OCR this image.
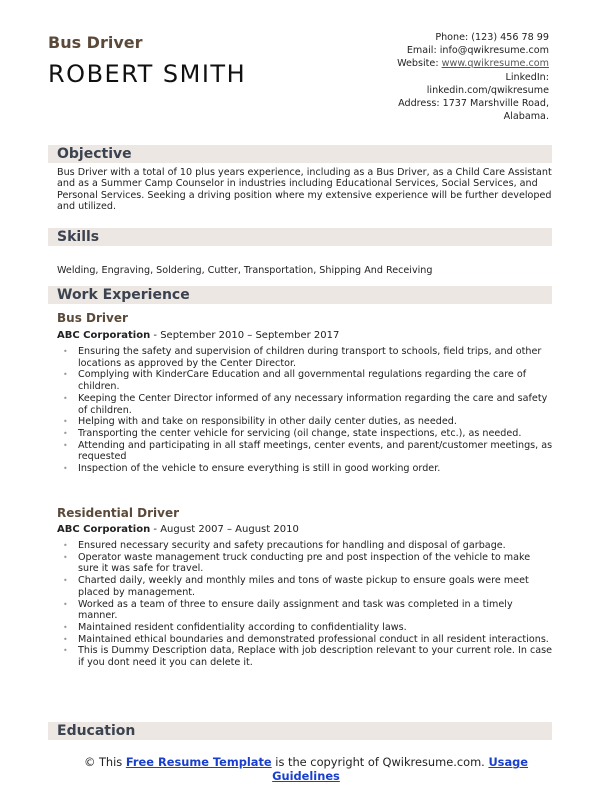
Bus Driver
ROBERT SMITH
Phone: (123) 456 78 99
Email: info@qwikresume.com
Website: www.qwikresume.com
LinkedIn:
linkedin.com/qwikresume
Address: 1737 Marshville Road,
Alabama.
Objective
Bus Driver with a total of 10 plus years experience, including as a Bus Driver, as a Child Care Assistant and as a Summer Camp Counselor in industries including Educational Services, Social Services, and Personal Services. Seeking a driving position where my extensive experience will be further developed and utilized.
Skills
Welding, Engraving, Soldering, Cutter, Transportation, Shipping And Receiving
Work Experience
Bus Driver
ABC Corporation - September 2010 – September 2017
• Ensuring the safety and supervision of children during transport to schools, field trips, and other locations as approved by the Center Director.
• Complying with KinderCare Education and all governmental regulations regarding the care of children.
• Keeping the Center Director informed of any necessary information regarding the care and safety of children.
• Helping with and take on responsibility in other daily center duties, as needed.
• Transporting the center vehicle for servicing (oil change, state inspections, etc.), as needed.
• Attending and participating in all staff meetings, center events, and parent/customer meetings, as requested
• Inspection of the vehicle to ensure everything is still in good working order.
Residential Driver
ABC Corporation - August 2007 – August 2010
• Ensured necessary security and safety precautions for handling and disposal of garbage.
• Operator waste management truck conducting pre and post inspection of the vehicle to make sure it was safe for travel.
• Charted daily, weekly and monthly miles and tons of waste pickup to ensure goals were meet placed by management.
• Worked as a team of three to ensure daily assignment and task was completed in a timely manner.
• Maintained resident confidentiality according to confidentiality laws.
• Maintained ethical boundaries and demonstrated professional conduct in all resident interactions.
• This is Dummy Description data, Replace with job description relevant to your current role. In case if you dont need it you can delete it.
Education
© This Free Resume Template is the copyright of Qwikresume.com. Usage Guidelines
